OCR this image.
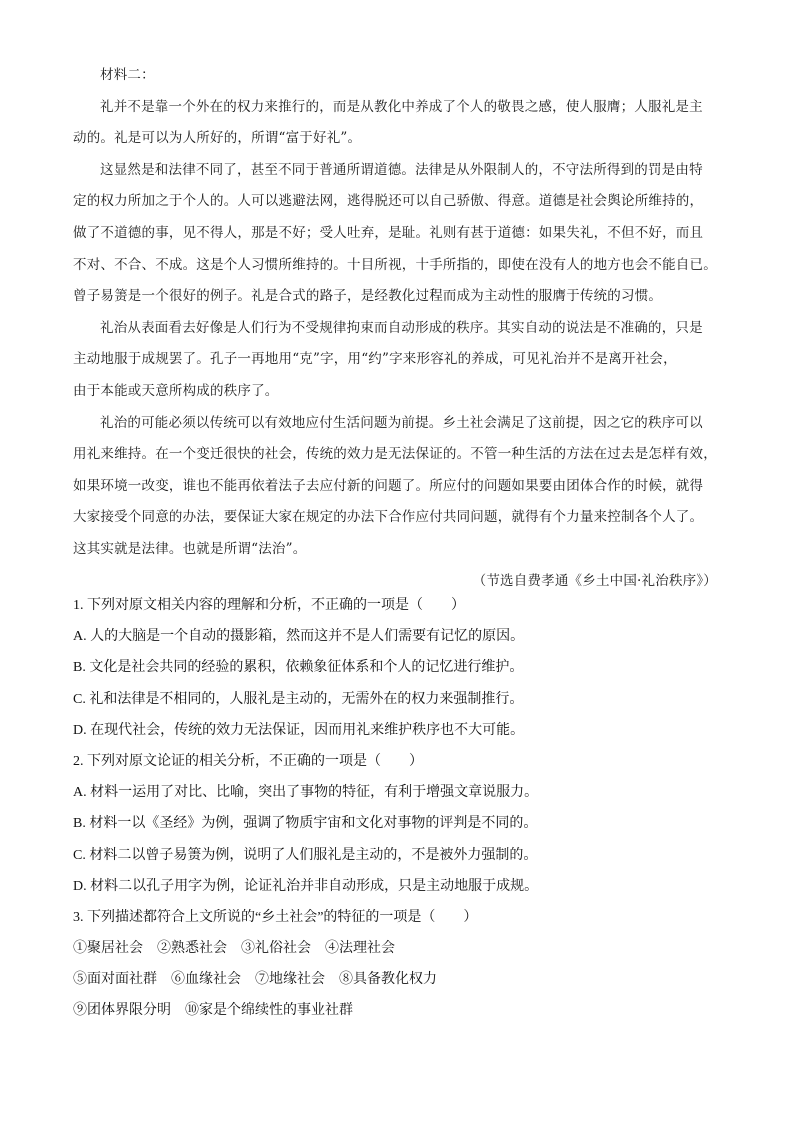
材料二：
礼并不是靠一个外在的权力来推行的，而是从教化中养成了个人的敬畏之感，使人服膺；人服礼是主
动的。礼是可以为人所好的，所谓“富于好礼”。
这显然是和法律不同了，甚至不同于普通所谓道德。法律是从外限制人的，不守法所得到的罚是由特
定的权力所加之于个人的。人可以逃避法网，逃得脱还可以自己骄傲、得意。道德是社会舆论所维持的，
做了不道德的事，见不得人，那是不好；受人吐弃，是耻。礼则有甚于道德：如果失礼，不但不好，而且
不对、不合、不成。这是个人习惯所维持的。十目所视，十手所指的，即使在没有人的地方也会不能自已。
曾子易箦是一个很好的例子。礼是合式的路子，是经教化过程而成为主动性的服膺于传统的习惯。
礼治从表面看去好像是人们行为不受规律拘束而自动形成的秩序。其实自动的说法是不准确的，只是
主动地服于成规罢了。孔子一再地用“克”字，用“约”字来形容礼的养成，可见礼治并不是离开社会，
由于本能或天意所构成的秩序了。
礼治的可能必须以传统可以有效地应付生活问题为前提。乡土社会满足了这前提，因之它的秩序可以
用礼来维持。在一个变迁很快的社会，传统的效力是无法保证的。不管一种生活的方法在过去是怎样有效，
如果环境一改变，谁也不能再依着法子去应付新的问题了。所应付的问题如果要由团体合作的时候，就得
大家接受个同意的办法，要保证大家在规定的办法下合作应付共同问题，就得有个力量来控制各个人了。
这其实就是法律。也就是所谓“法治”。
（节选自费孝通《乡土中国·礼治秩序》）
1. 下列对原文相关内容的理解和分析，不正确的一项是（　　）
A. 人的大脑是一个自动的摄影箱，然而这并不是人们需要有记忆的原因。
B. 文化是社会共同的经验的累积，依赖象征体系和个人的记忆进行维护。
C. 礼和法律是不相同的，人服礼是主动的，无需外在的权力来强制推行。
D. 在现代社会，传统的效力无法保证，因而用礼来维护秩序也不大可能。
2. 下列对原文论证的相关分析，不正确的一项是（　　）
A. 材料一运用了对比、比喻，突出了事物的特征，有利于增强文章说服力。
B. 材料一以《圣经》为例，强调了物质宇宙和文化对事物的评判是不同的。
C. 材料二以曾子易箦为例，说明了人们服礼是主动的，不是被外力强制的。
D. 材料二以孔子用字为例，论证礼治并非自动形成，只是主动地服于成规。
3. 下列描述都符合上文所说的“乡土社会”的特征的一项是（　　）
①聚居社会　②熟悉社会　③礼俗社会　④法理社会
⑤面对面社群　⑥血缘社会　⑦地缘社会　⑧具备教化权力
⑨团体界限分明　⑩家是个绵续性的事业社群
